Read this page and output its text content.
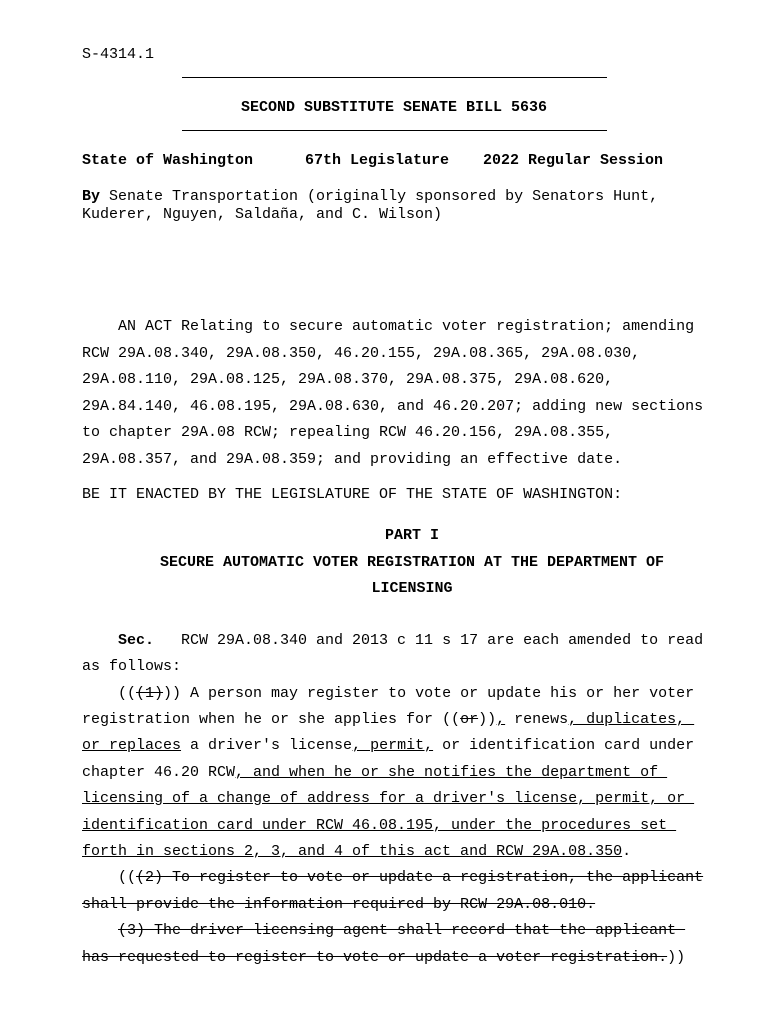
S-4314.1
SECOND SUBSTITUTE SENATE BILL 5636
State of Washington	67th Legislature 2022 Regular Session
By Senate Transportation (originally sponsored by Senators Hunt,
Kuderer, Nguyen, Saldaña, and C. Wilson)
AN ACT Relating to secure automatic voter registration; amending
RCW 29A.08.340, 29A.08.350, 46.20.155, 29A.08.365, 29A.08.030,
29A.08.110, 29A.08.125, 29A.08.370, 29A.08.375, 29A.08.620,
29A.84.140, 46.08.195, 29A.08.630, and 46.20.207; adding new sections
to chapter 29A.08 RCW; repealing RCW 46.20.156, 29A.08.355,
29A.08.357, and 29A.08.359; and providing an effective date.
BE IT ENACTED BY THE LEGISLATURE OF THE STATE OF WASHINGTON:
PART I
SECURE AUTOMATIC VOTER REGISTRATION AT THE DEPARTMENT OF
LICENSING
Sec.   RCW 29A.08.340 and 2013 c 11 s 17 are each amended to read
as follows:
(((1))) A person may register to vote or update his or her voter
registration when he or she applies for ((or)), renews, duplicates,
or replaces a driver's license, permit, or identification card under
chapter 46.20 RCW, and when he or she notifies the department of
licensing of a change of address for a driver's license, permit, or
identification card under RCW 46.08.195, under the procedures set
forth in sections 2, 3, and 4 of this act and RCW 29A.08.350.
(((2) To register to vote or update a registration, the applicant
shall provide the information required by RCW 29A.08.010.
(3) The driver licensing agent shall record that the applicant
has requested to register to vote or update a voter registration.))
